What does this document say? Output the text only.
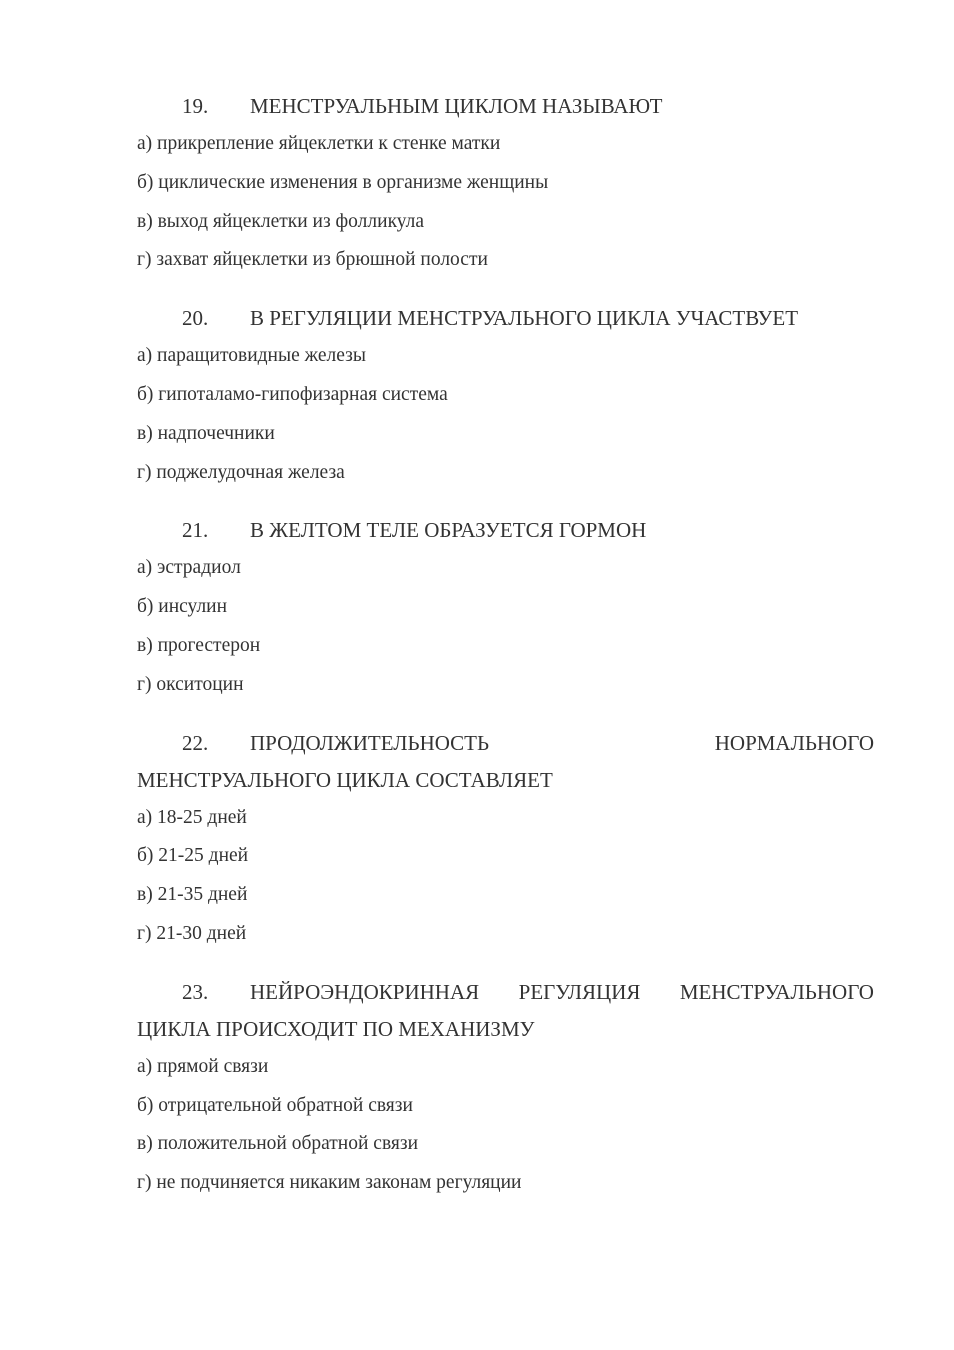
19. МЕНСТРУАЛЬНЫМ ЦИКЛОМ НАЗЫВАЮТ

а) прикрепление яйцеклетки к стенке матки
б) циклические изменения в организме женщины
в) выход яйцеклетки из фолликула
г) захват яйцеклетки из брюшной полости

20. В РЕГУЛЯЦИИ МЕНСТРУАЛЬНОГО ЦИКЛА УЧАСТВУЕТ

а) паращитовидные железы
б) гипоталамо-гипофизарная система
в) надпочечники
г) поджелудочная железа

21. В ЖЕЛТОМ ТЕЛЕ ОБРАЗУЕТСЯ ГОРМОН

а) эстрадиол
б) инсулин
в) прогестерон
г) окситоцин
22. ПРОДОЛЖИТЕЛЬНОСТЬ	НОРМАЛЬНОГО

МЕНСТРУАЛЬНОГО ЦИКЛА СОСТАВЛЯЕТ

а) 18-25 дней
б) 21-25 дней
в) 21-35 дней
г) 21-30 дней
23. НЕЙРОЭНДОКРИННАЯ РЕГУЛЯЦИЯ МЕНСТРУАЛЬНОГО

ЦИКЛА ПРОИСХОДИТ ПО МЕХАНИЗМУ

а) прямой связи
б) отрицательной обратной связи
в) положительной обратной связи
г) не подчиняется никаким законам регуляции
